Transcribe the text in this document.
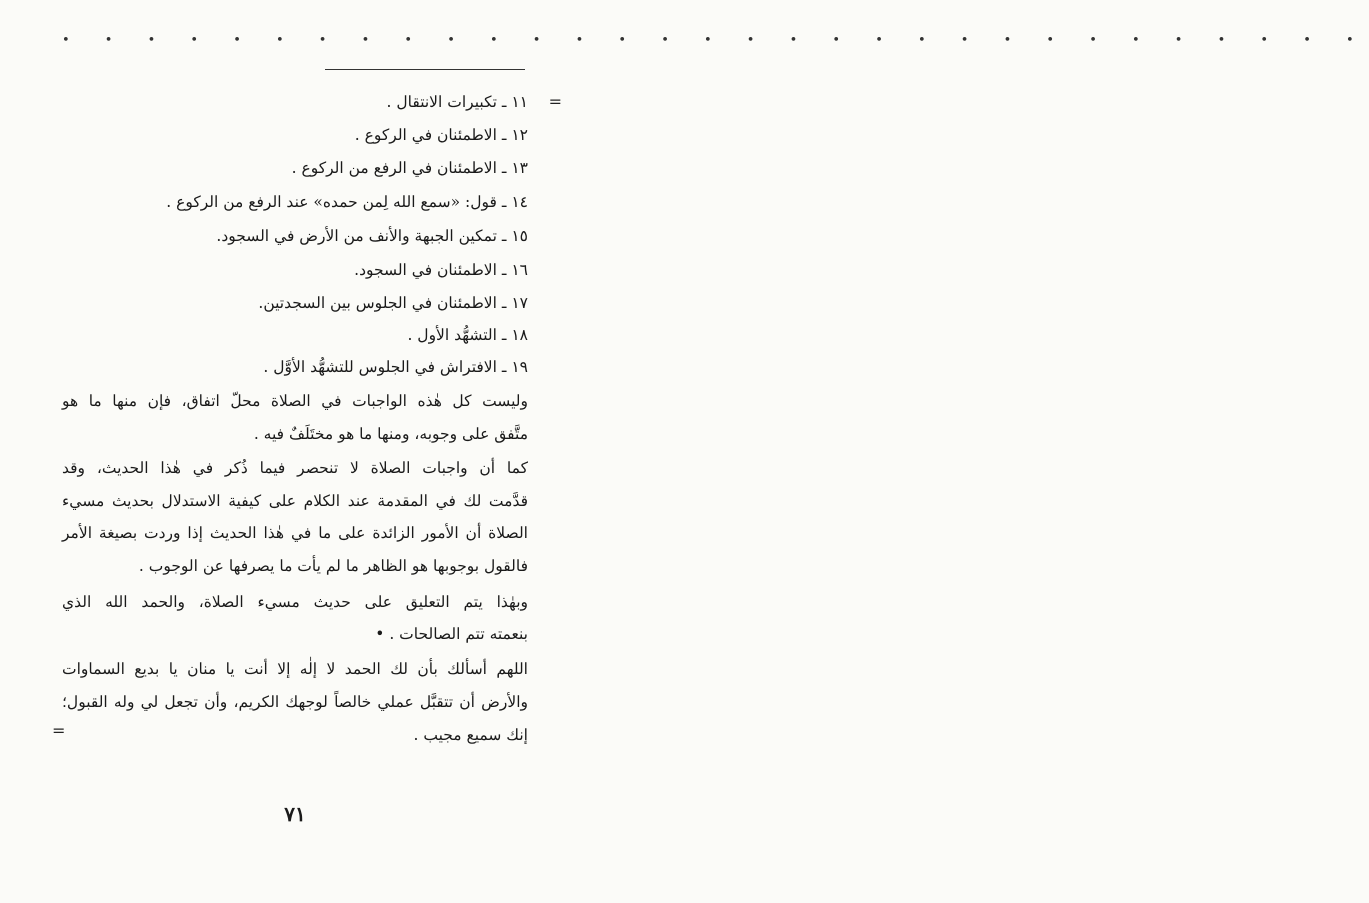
• • • • • • • • • • • • • • • • • • • • • • • • • • • • • • •
=
=
١١ ـ تكبيرات الانتقال .
١٢ ـ الاطمئنان في الركوع .
١٣ ـ الاطمئنان في الرفع من الركوع .
١٤ ـ قول: «سمع الله لِمن حمده» عند الرفع من الركوع .
١٥ ـ تمكين الجبهة والأنف من الأرض في السجود.
١٦ ـ الاطمئنان في السجود.
١٧ ـ الاطمئنان في الجلوس بين السجدتين.
١٨ ـ التشهُّد الأول .
١٩ ـ الافتراش في الجلوس للتشهُّد الأوَّل .
وليست كل هٰذه الواجبات في الصلاة محلّ اتفاق، فإن منها ما هو
متَّفق على وجوبه، ومنها ما هو مختَلَفٌ فيه .
كما أن واجبات الصلاة لا تنحصر فيما ذُكر في هٰذا الحديث، وقد
قدَّمت لك في المقدمة عند الكلام على كيفية الاستدلال بحديث مسيء
الصلاة أن الأمور الزائدة على ما في هٰذا الحديث إذا وردت بصيغة الأمر
فالقول بوجوبها هو الظاهر ما لم يأت ما يصرفها عن الوجوب .
وبهٰذا يتم التعليق على حديث مسيء الصلاة، والحمد الله الذي
بنعمته تتم الصالحات . •
اللهم أسألك بأن لك الحمد لا إلٰه إلا أنت يا منان يا بديع السماوات
والأرض أن تتقبَّل عملي خالصاً لوجهك الكريم، وأن تجعل لي وله القبول؛
إنك سميع مجيب .
٧١
